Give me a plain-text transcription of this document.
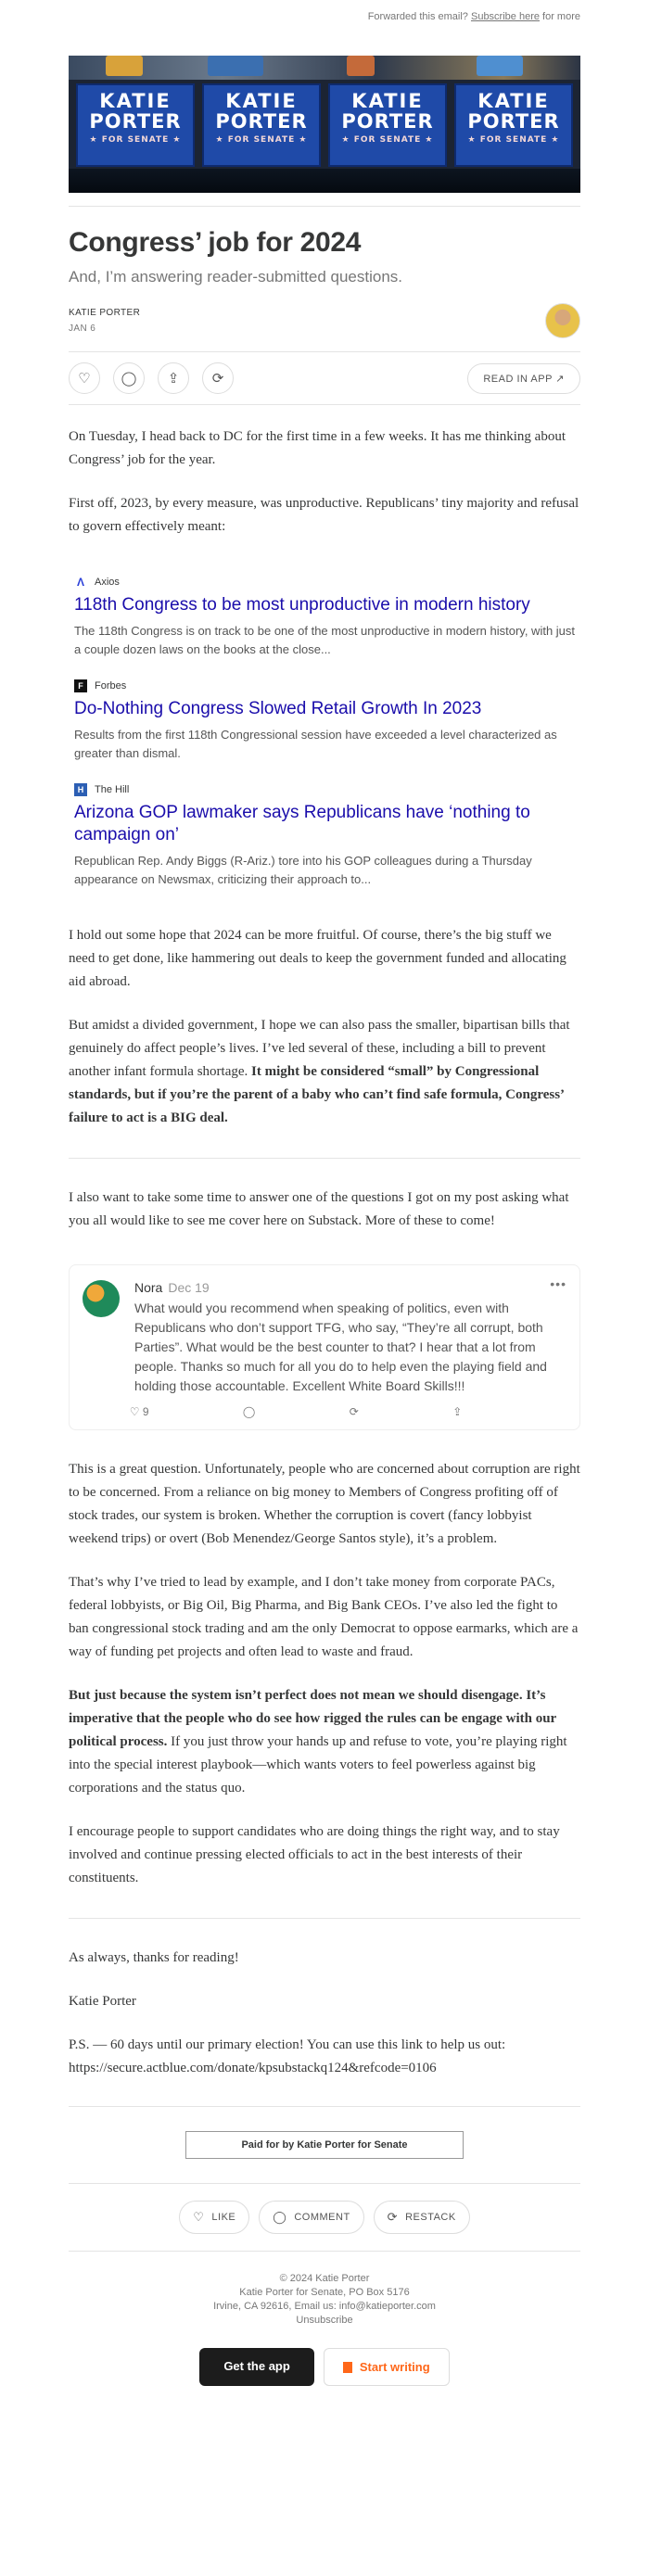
Forwarded this email? Subscribe here for more
KATIE
PORTER
★ FOR SENATE ★
KATIE
PORTER
★ FOR SENATE ★
KATIE
PORTER
★ FOR SENATE ★
KATIE
PORTER
★ FOR SENATE ★
Congress’ job for 2024
And, I’m answering reader-submitted questions.
KATIE PORTER
JAN 6
♡ ◯ ⇪ ⟳	READ IN APP ↗

On Tuesday, I head back to DC for the first time in a few weeks. It has me thinking about Congress’ job for the year.

First off, 2023, by every measure, was unproductive. Republicans’ tiny majority and refusal to govern effectively meant:

Λ Axios
118th Congress to be most unproductive in modern history
The 118th Congress is on track to be one of the most unproductive in modern history, with just a couple dozen laws on the books at the close...
F	Forbes
Do-Nothing Congress Slowed Retail Growth In 2023
Results from the first 118th Congressional session have exceeded a level characterized as greater than dismal.
H	The Hill
Arizona GOP lawmaker says Republicans have ‘nothing to campaign on’
Republican Rep. Andy Biggs (R-Ariz.) tore into his GOP colleagues during a Thursday appearance on Newsmax, criticizing their approach to...

I hold out some hope that 2024 can be more fruitful. Of course, there’s the big stuff we need to get done, like hammering out deals to keep the government funded and allocating aid abroad.

But amidst a divided government, I hope we can also pass the smaller, bipartisan bills that genuinely do affect people’s lives. I’ve led several of these, including a bill to prevent another infant formula shortage. It might be considered “small” by Congressional standards, but if you’re the parent of a baby who can’t find safe formula, Congress’ failure to act is a BIG deal.

I also want to take some time to answer one of the questions I got on my post asking what you all would like to see me cover here on Substack. More of these to come!

•••
Nora Dec 19
What would you recommend when speaking of politics, even with Republicans who don’t support TFG, who say, “They’re all corrupt, both Parties”. What would be the best counter to that? I hear that a lot from people. Thanks so much for all you do to help even the playing field and holding those accountable. Excellent White Board Skills!!!
♡ 9	◯	⟳	⇪

This is a great question. Unfortunately, people who are concerned about corruption are right to be concerned. From a reliance on big money to Members of Congress profiting off of stock trades, our system is broken. Whether the corruption is covert (fancy lobbyist weekend trips) or overt (Bob Menendez/George Santos style), it’s a problem.

That’s why I’ve tried to lead by example, and I don’t take money from corporate PACs, federal lobbyists, or Big Oil, Big Pharma, and Big Bank CEOs. I’ve also led the fight to ban congressional stock trading and am the only Democrat to oppose earmarks, which are a way of funding pet projects and often lead to waste and fraud.

But just because the system isn’t perfect does not mean we should disengage. It’s imperative that the people who do see how rigged the rules can be engage with our political process. If you just throw your hands up and refuse to vote, you’re playing right into the special interest playbook—which wants voters to feel powerless against big corporations and the status quo.

I encourage people to support candidates who are doing things the right way, and to stay involved and continue pressing elected officials to act in the best interests of their constituents.

As always, thanks for reading!

Katie Porter

P.S. — 60 days until our primary election! You can use this link to help us out: https://secure.actblue.com/donate/kpsubstackq124&refcode=0106

Paid for by Katie Porter for Senate
♡ LIKE	◯ COMMENT	⟳ RESTACK
© 2024 Katie Porter
Katie Porter for Senate, PO Box 5176
Irvine, CA 92616, Email us: info@katieporter.com
Unsubscribe
Get the app	Start writing
